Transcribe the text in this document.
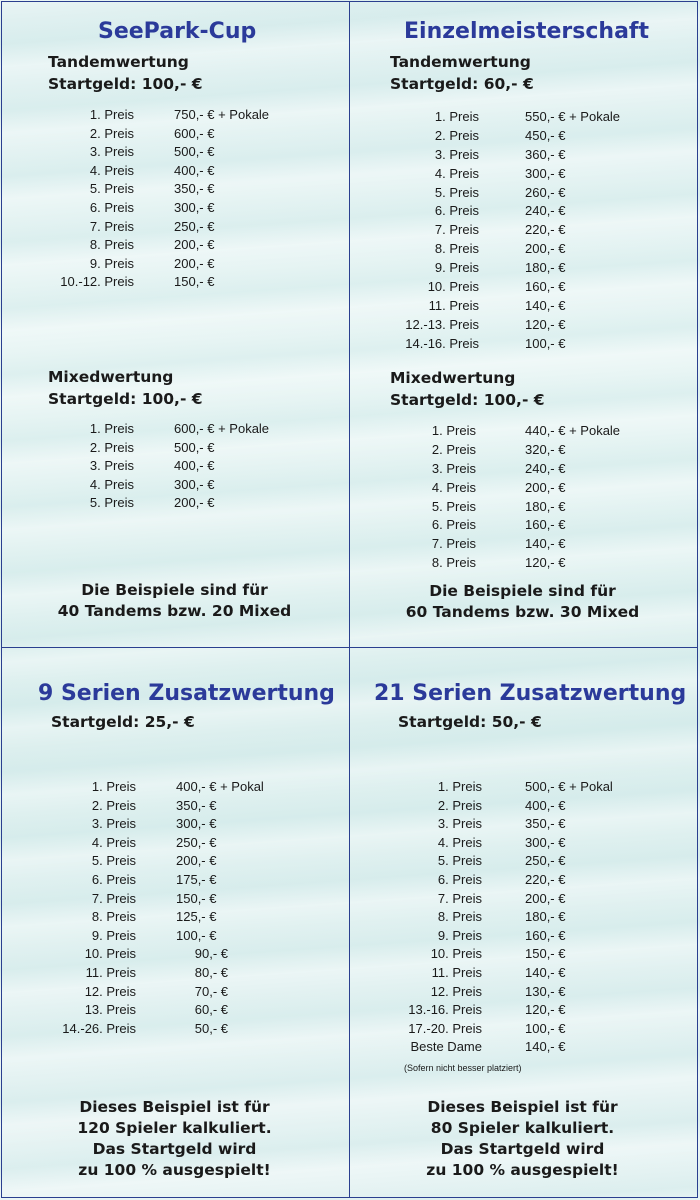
SeePark-Cup
Tandemwertung
Startgeld: 100,- €
1. Preis	750,- € + Pokale
2. Preis	600,- €
3. Preis	500,- €
4. Preis	400,- €
5. Preis	350,- €
6. Preis	300,- €
7. Preis	250,- €
8. Preis	200,- €
9. Preis	200,- €
10.-12. Preis	150,- €
Mixedwertung
Startgeld: 100,- €
1. Preis	600,- € + Pokale
2. Preis	500,- €
3. Preis	400,- €
4. Preis	300,- €
5. Preis	200,- €
Die Beispiele sind für
40 Tandems bzw. 20 Mixed
Einzelmeisterschaft
Tandemwertung
Startgeld: 60,- €
1. Preis	550,- € + Pokale
2. Preis	450,- €
3. Preis	360,- €
4. Preis	300,- €
5. Preis	260,- €
6. Preis	240,- €
7. Preis	220,- €
8. Preis	200,- €
9. Preis	180,- €
10. Preis	160,- €
11. Preis	140,- €
12.-13. Preis	120,- €
14.-16. Preis	100,- €
Mixedwertung
Startgeld: 100,- €
1. Preis	440,- € + Pokale
2. Preis	320,- €
3. Preis	240,- €
4. Preis	200,- €
5. Preis	180,- €
6. Preis	160,- €
7. Preis	140,- €
8. Preis	120,- €
Die Beispiele sind für
60 Tandems bzw. 30 Mixed
9 Serien Zusatzwertung
Startgeld: 25,- €
1. Preis	400,- € + Pokal
2. Preis	350,- €
3. Preis	300,- €
4. Preis	250,- €
5. Preis	200,- €
6. Preis	175,- €
7. Preis	150,- €
8. Preis	125,- €
9. Preis	100,- €
10. Preis	90,- €
11. Preis	80,- €
12. Preis	70,- €
13. Preis	60,- €
14.-26. Preis	50,- €
Dieses Beispiel ist für
120 Spieler kalkuliert.
Das Startgeld wird
zu 100 % ausgespielt!
21 Serien Zusatzwertung
Startgeld: 50,- €
1. Preis	500,- € + Pokal
2. Preis	400,- €
3. Preis	350,- €
4. Preis	300,- €
5. Preis	250,- €
6. Preis	220,- €
7. Preis	200,- €
8. Preis	180,- €
9. Preis	160,- €
10. Preis	150,- €
11. Preis	140,- €
12. Preis	130,- €
13.-16. Preis	120,- €
17.-20. Preis	100,- €
Beste Dame	140,- €
(Sofern nicht besser platziert)
Dieses Beispiel ist für
80 Spieler kalkuliert.
Das Startgeld wird
zu 100 % ausgespielt!
